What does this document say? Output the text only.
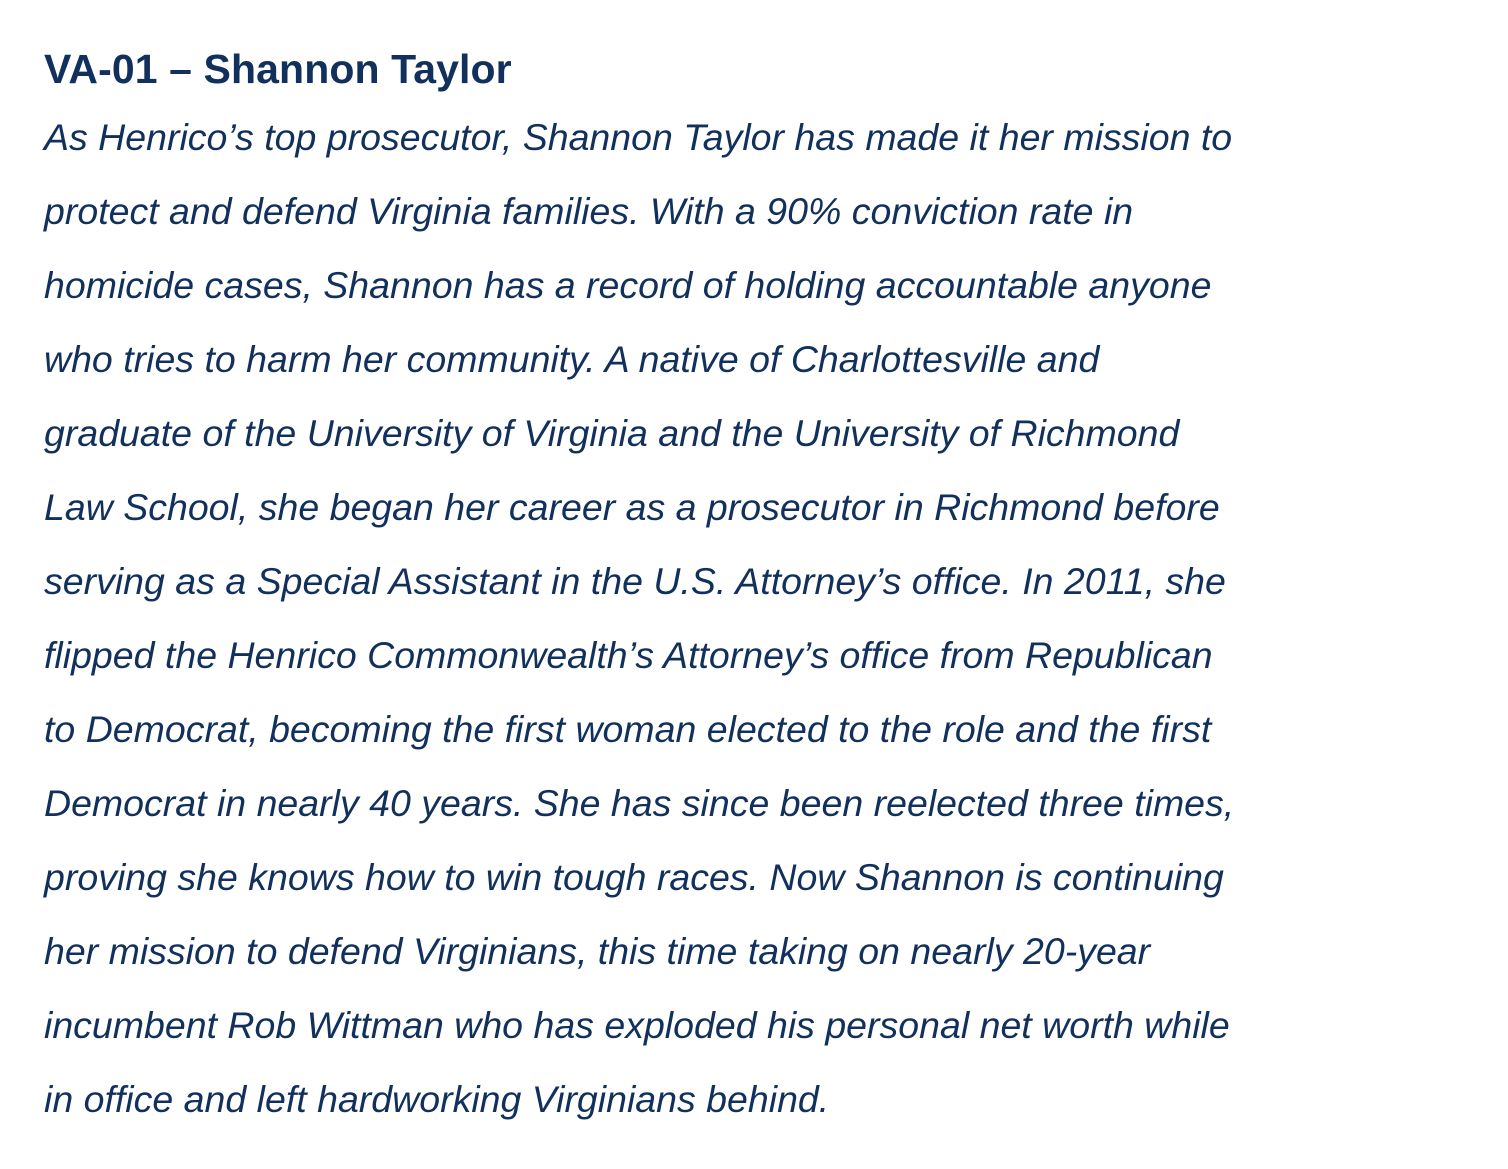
VA-01 – Shannon Taylor

As Henrico’s top prosecutor, Shannon Taylor has made it her mission to
protect and defend Virginia families. With a 90% conviction rate in
homicide cases, Shannon has a record of holding accountable anyone
who tries to harm her community. A native of Charlottesville and
graduate of the University of Virginia and the University of Richmond
Law School, she began her career as a prosecutor in Richmond before
serving as a Special Assistant in the U.S. Attorney’s office. In 2011, she
flipped the Henrico Commonwealth’s Attorney’s office from Republican
to Democrat, becoming the first woman elected to the role and the first
Democrat in nearly 40 years. She has since been reelected three times,
proving she knows how to win tough races. Now Shannon is continuing
her mission to defend Virginians, this time taking on nearly 20-year
incumbent Rob Wittman who has exploded his personal net worth while
in office and left hardworking Virginians behind.
